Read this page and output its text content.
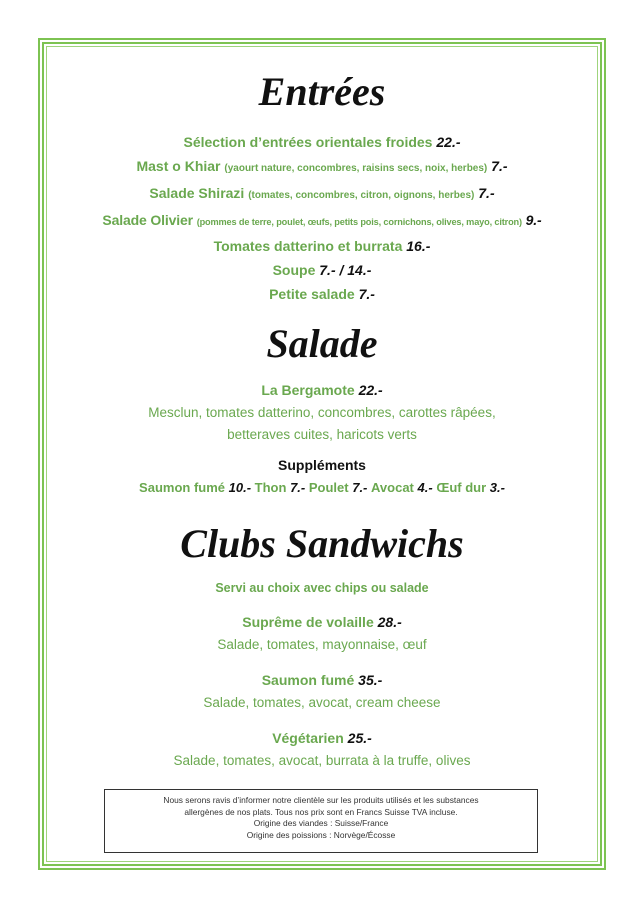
Entrées
Sélection d’entrées orientales froides 22.-
Mast o Khiar (yaourt nature, concombres, raisins secs, noix, herbes) 7.-
Salade Shirazi (tomates, concombres, citron, oignons, herbes) 7.-
Salade Olivier (pommes de terre, poulet, œufs, petits pois, cornichons, olives, mayo, citron) 9.-
Tomates datterino et burrata 16.-
Soupe 7.- / 14.-
Petite salade 7.-
Salade
La Bergamote 22.-
Mesclun, tomates datterino, concombres, carottes râpées,
betteraves cuites, haricots verts
Suppléments
Saumon fumé 10.- Thon 7.- Poulet 7.- Avocat 4.- Œuf dur 3.-
Clubs Sandwichs
Servi au choix avec chips ou salade
Suprême de volaille 28.-
Salade, tomates, mayonnaise, œuf
Saumon fumé 35.-
Salade, tomates, avocat, cream cheese
Végétarien 25.-
Salade, tomates, avocat, burrata à la truffe, olives
Nous serons ravis d’informer notre clientèle sur les produits utilisés et les substances
allergènes de nos plats. Tous nos prix sont en Francs Suisse TVA incluse.
Origine des viandes : Suisse/France
Origine des poissions : Norvège/Écosse
